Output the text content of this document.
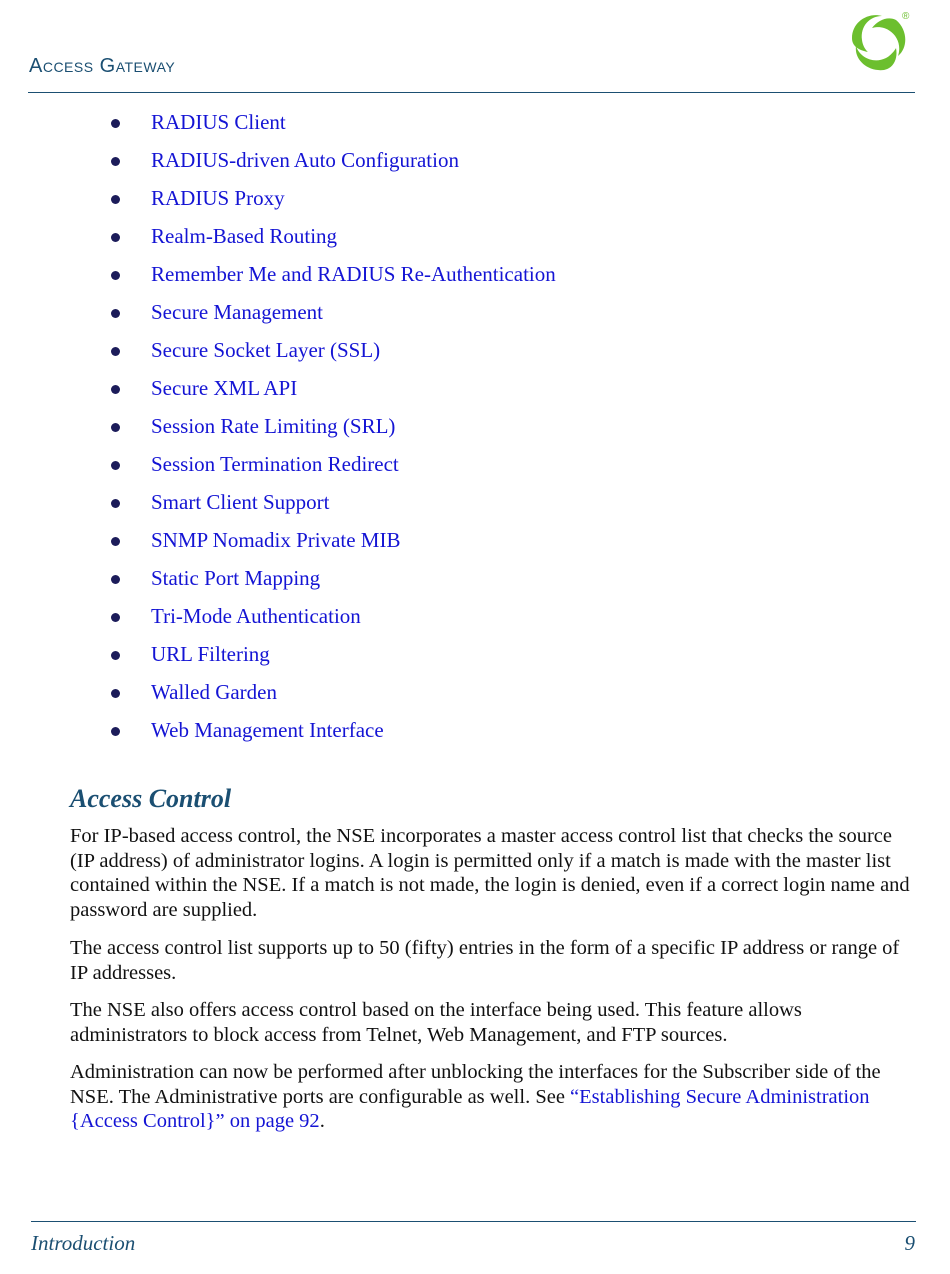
Access Gateway
®
RADIUS Client
RADIUS-driven Auto Configuration
RADIUS Proxy
Realm-Based Routing
Remember Me and RADIUS Re-Authentication
Secure Management
Secure Socket Layer (SSL)
Secure XML API
Session Rate Limiting (SRL)
Session Termination Redirect
Smart Client Support
SNMP Nomadix Private MIB
Static Port Mapping
Tri-Mode Authentication
URL Filtering
Walled Garden
Web Management Interface
Access Control

For IP-based access control, the NSE incorporates a master access control list that checks the source (IP address) of administrator logins. A login is permitted only if a match is made with the master list contained within the NSE. If a match is not made, the login is denied, even if a correct login name and password are supplied.

The access control list supports up to 50 (fifty) entries in the form of a specific IP address or range of IP addresses.

The NSE also offers access control based on the interface being used. This feature allows administrators to block access from Telnet, Web Management, and FTP sources.

Administration can now be performed after unblocking the interfaces for the Subscriber side of the NSE. The Administrative ports are configurable as well. See “Establishing Secure Administration {Access Control}” on page 92.

Introduction	9
